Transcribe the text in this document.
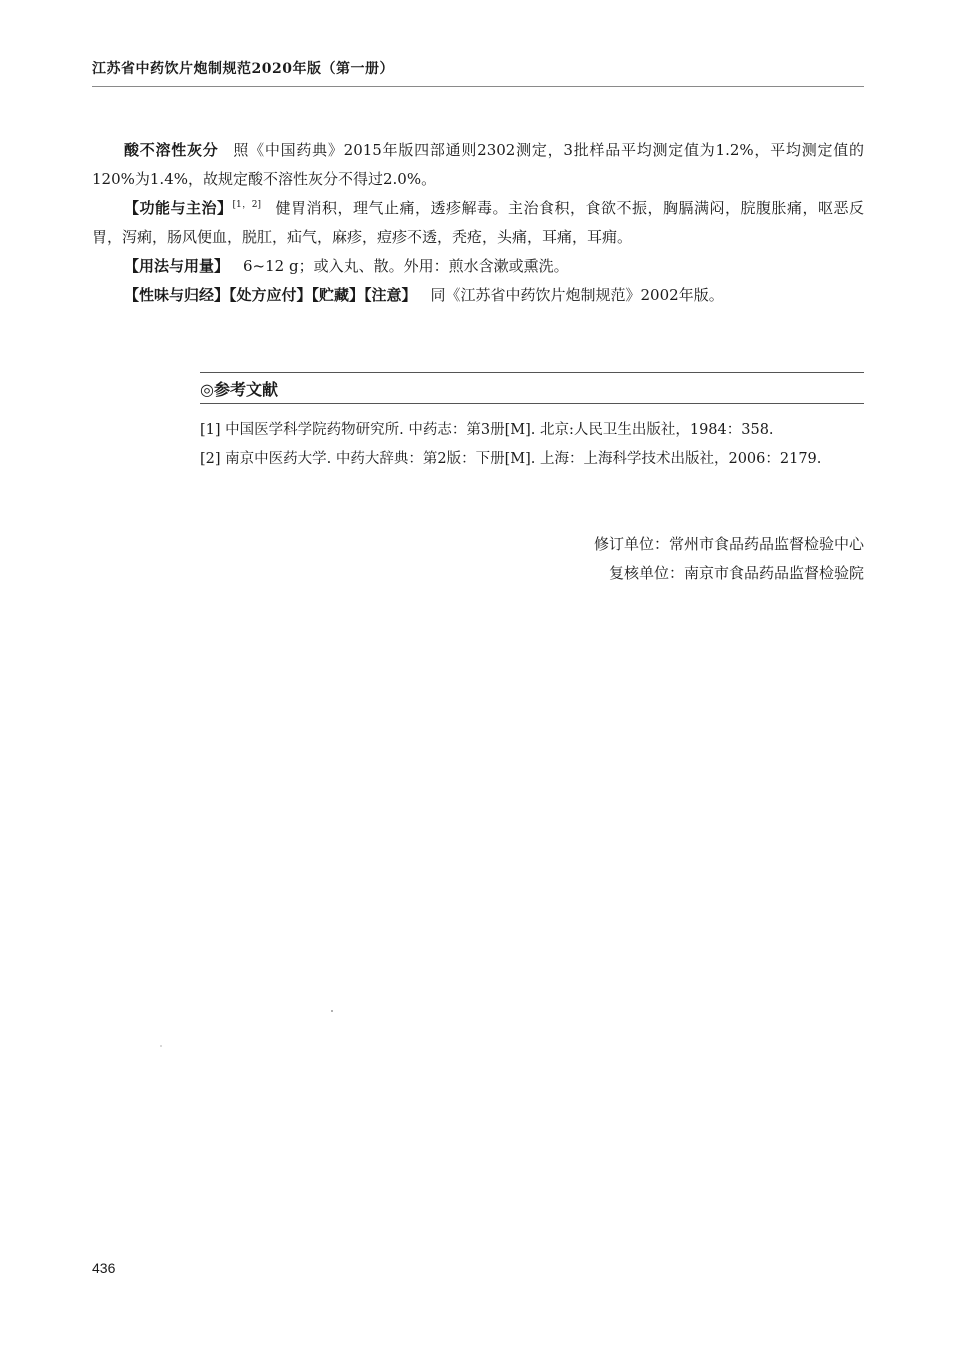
江苏省中药饮片炮制规范2020年版（第一册）

酸不溶性灰分 照《中国药典》2015年版四部通则2302测定，3批样品平均测定值为1.2%，平均测定值的120%为1.4%，故规定酸不溶性灰分不得过2.0%。

【功能与主治】[1，2] 健胃消积，理气止痛，透疹解毒。主治食积，食欲不振，胸膈满闷，脘腹胀痛，呕恶反胃，泻痢，肠风便血，脱肛，疝气，麻疹，痘疹不透，秃疮，头痛，耳痛，耳痈。

【用法与用量】 6~12 g；或入丸、散。外用：煎水含漱或熏洗。

【性味与归经】【处方应付】【贮藏】【注意】 同《江苏省中药饮片炮制规范》2002年版。

◎参考文献

[1] 中国医学科学院药物研究所. 中药志：第3册[M]. 北京:人民卫生出版社，1984：358.

[2] 南京中医药大学. 中药大辞典：第2版：下册[M]. 上海：上海科学技术出版社，2006：2179.

修订单位：常州市食品药品监督检验中心
复核单位：南京市食品药品监督检验院
436
